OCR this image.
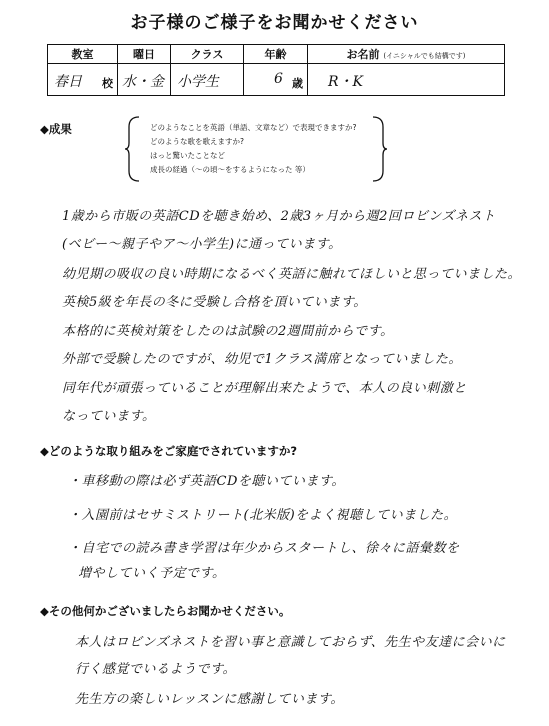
お子様のご様子をお聞かせください
教室	曜日	クラス	年齢	お名前 (イニシャルでも結構です)

春日 校	水・金	小学生	6 歳	R・K
◆成果	どのようなことを英語（単語、文章など）で表現できますか?
どのような歌を歌えますか?
はっと驚いたことなど
成長の経過（〜の頃〜をするようになった 等）
1歳から市販の英語CDを聴き始め、2歳3ヶ月から週2回ロビンズネスト
(ベビー〜親子やア〜小学生)に通っています。
幼児期の吸収の良い時期になるべく英語に触れてほしいと思っていました。
英検5級を年長の冬に受験し合格を頂いています。
本格的に英検対策をしたのは試験の2週間前からです。
外部で受験したのですが、幼児で1クラス満席となっていました。
同年代が頑張っていることが理解出来たようで、本人の良い刺激と
なっています。
◆どのような取り組みをご家庭でされていますか?
・車移動の際は必ず英語CDを聴いています。
・入園前はセサミストリート(北米版)をよく視聴していました。
・自宅での読み書き学習は年少からスタートし、徐々に語彙数を
増やしていく予定です。
◆その他何かございましたらお聞かせください。
本人はロビンズネストを習い事と意識しておらず、先生や友達に会いに
行く感覚でいるようです。
先生方の楽しいレッスンに感謝しています。
